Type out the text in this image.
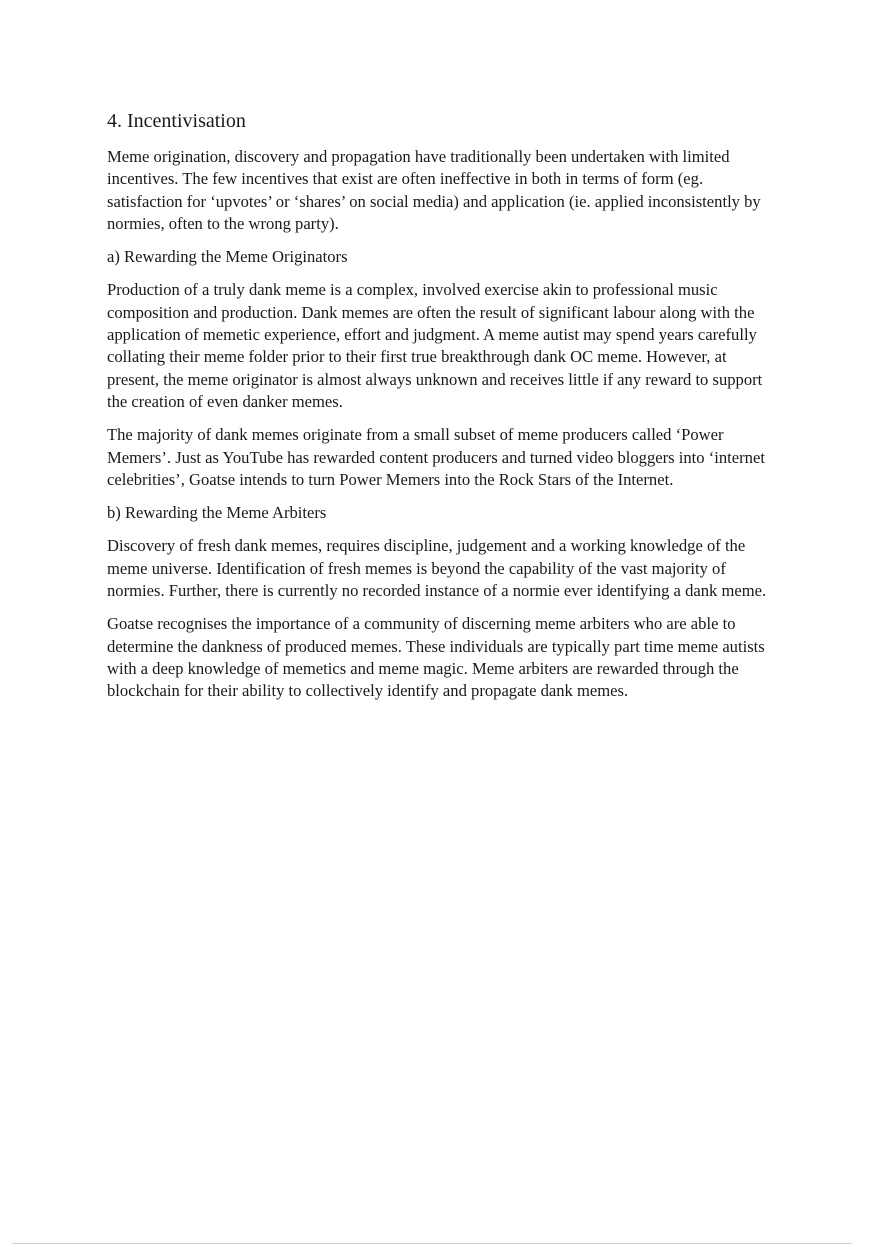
4. Incentivisation

Meme origination, discovery and propagation have traditionally been undertaken with limited incentives. The few incentives that exist are often ineffective in both in terms of form (eg. satisfaction for ‘upvotes’ or ‘shares’ on social media) and application (ie. applied inconsistently by normies, often to the wrong party).

a) Rewarding the Meme Originators

Production of a truly dank meme is a complex, involved exercise akin to professional music composition and production. Dank memes are often the result of significant labour along with the application of memetic experience, effort and judgment. A meme autist may spend years carefully collating their meme folder prior to their first true breakthrough dank OC meme. However, at present, the meme originator is almost always unknown and receives little if any reward to support the creation of even danker memes.

The majority of dank memes originate from a small subset of meme producers called ‘Power Memers’. Just as YouTube has rewarded content producers and turned video bloggers into ‘internet celebrities’, Goatse intends to turn Power Memers into the Rock Stars of the Internet.

b) Rewarding the Meme Arbiters

Discovery of fresh dank memes, requires discipline, judgement and a working knowledge of the meme universe. Identification of fresh memes is beyond the capability of the vast majority of normies. Further, there is currently no recorded instance of a normie ever identifying a dank meme.

Goatse recognises the importance of a community of discerning meme arbiters who are able to determine the dankness of produced memes. These individuals are typically part time meme autists with a deep knowledge of memetics and meme magic. Meme arbiters are rewarded through the blockchain for their ability to collectively identify and propagate dank memes.
